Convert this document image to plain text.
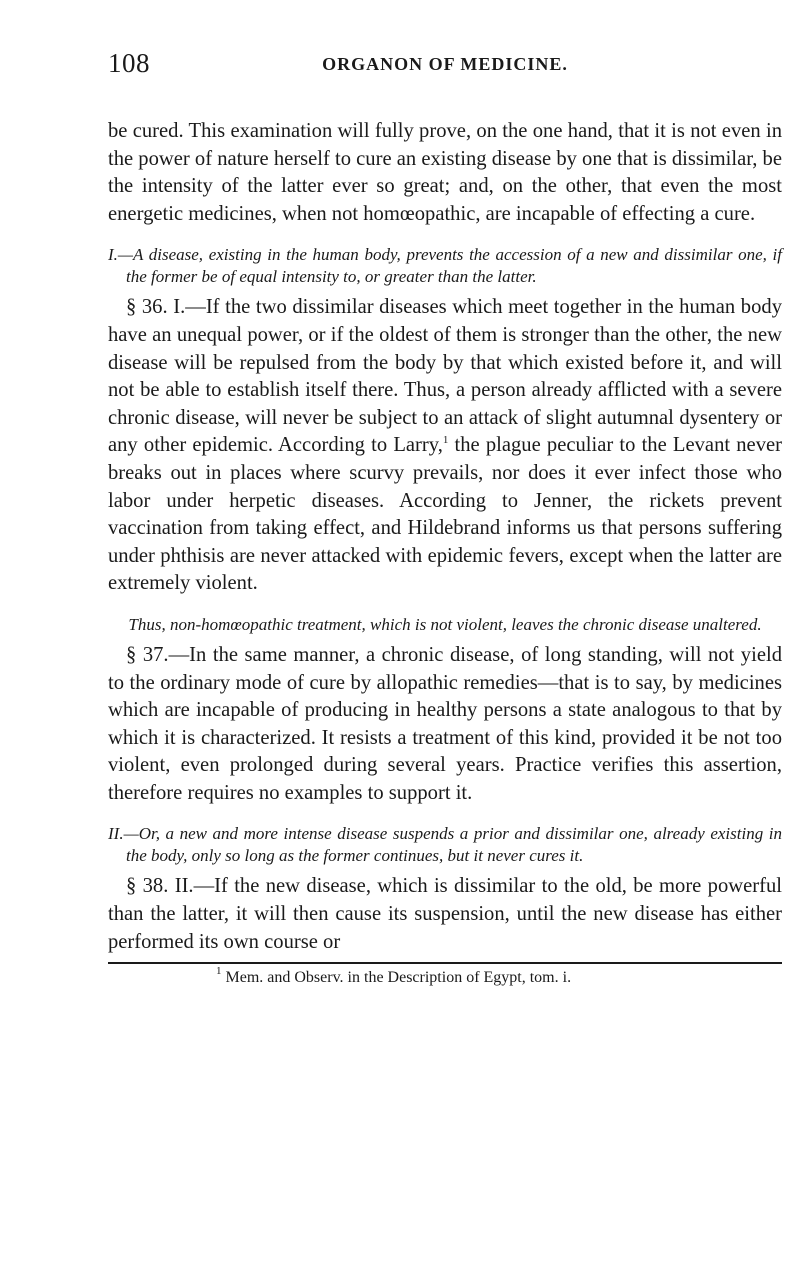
108	ORGANON OF MEDICINE.

be cured. This examination will fully prove, on the one hand, that it is not even in the power of nature herself to cure an existing disease by one that is dissimilar, be the intensity of the latter ever so great; and, on the other, that even the most energetic medicines, when not homœopathic, are incapable of effecting a cure.

I.—A disease, existing in the human body, prevents the accession of a new and dissimilar one, if the former be of equal intensity to, or greater than the latter.

§ 36. I.—If the two dissimilar diseases which meet together in the human body have an unequal power, or if the oldest of them is stronger than the other, the new disease will be repulsed from the body by that which existed before it, and will not be able to establish itself there. Thus, a person already afflicted with a severe chronic disease, will never be subject to an attack of slight autumnal dysentery or any other epidemic. According to Larry,$^1$ the plague peculiar to the Levant never breaks out in places where scurvy prevails, nor does it ever infect those who labor under herpetic diseases. According to Jenner, the rickets prevent vaccination from taking effect, and Hildebrand informs us that persons suffering under phthisis are never attacked with epidemic fevers, except when the latter are extremely violent.

Thus, non-homœopathic treatment, which is not violent, leaves the chronic disease unaltered.

§ 37.—In the same manner, a chronic disease, of long standing, will not yield to the ordinary mode of cure by allopathic remedies—that is to say, by medicines which are incapable of producing in healthy persons a state analogous to that by which it is characterized. It resists a treatment of this kind, provided it be not too violent, even prolonged during several years. Practice verifies this assertion, therefore requires no examples to support it.

II.—Or, a new and more intense disease suspends a prior and dissimilar one, already existing in the body, only so long as the former continues, but it never cures it.

§ 38. II.—If the new disease, which is dissimilar to the old, be more powerful than the latter, it will then cause its suspension, until the new disease has either performed its own course or

$^1$ Mem. and Observ. in the Description of Egypt, tom. i.
